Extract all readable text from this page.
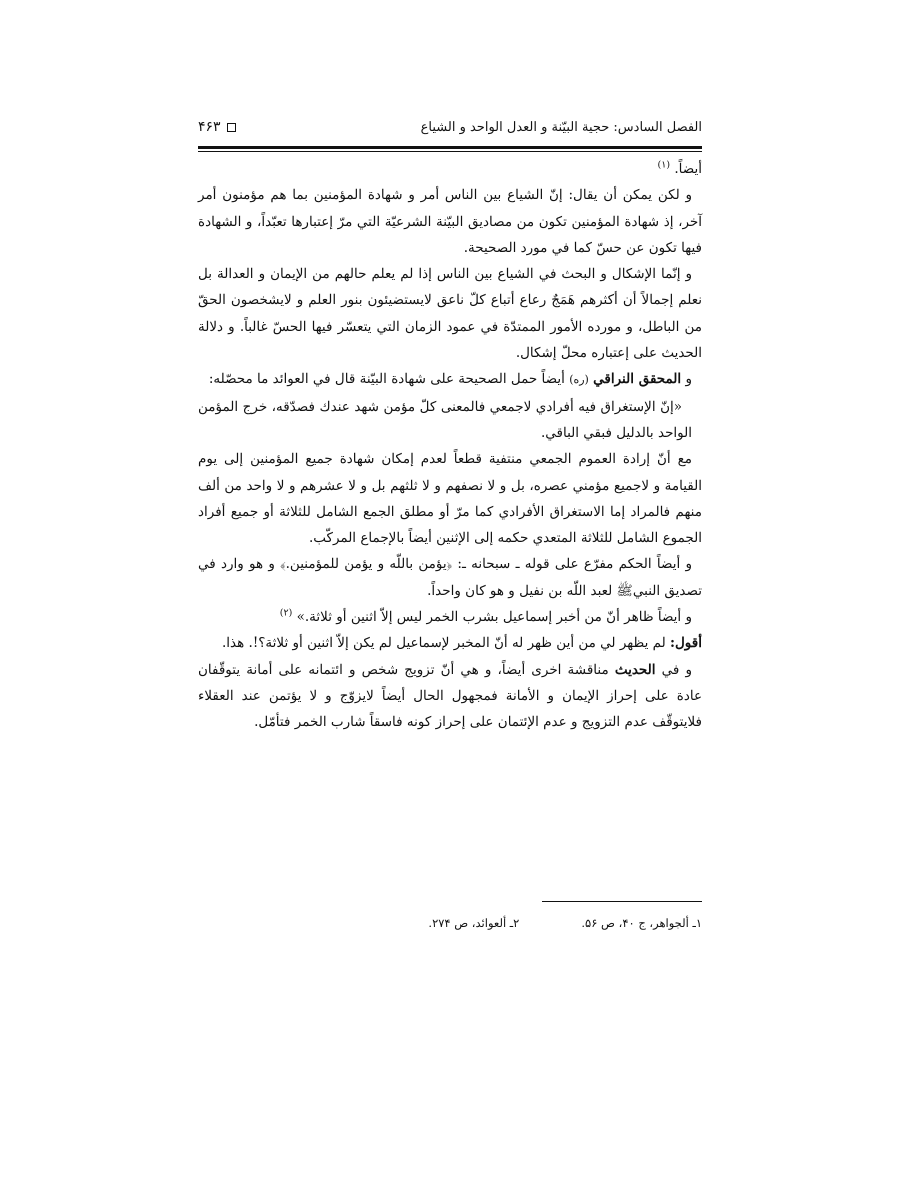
الفصل السادس: حجية البيّنة و العدل الواحد و الشياع
۴۶۳

أيضاً. $^{(۱)}$

و لكن يمكن أن يقال: إنّ الشياع بين الناس أمر و شهادة المؤمنين بما هم مؤمنون أمر آخر، إذ شهادة المؤمنين تكون من مصاديق البيّنة الشرعيّة التي مرّ إعتبارها تعبّداً، و الشهادة فيها تكون عن حسّ كما في مورد الصحيحة.

و إنّما الإشكال و البحث في الشياع بين الناس إذا لم يعلم حالهم من الإيمان و العدالة بل نعلم إجمالاً أن أكثرهم هَمَجٌ رعاع أتباع كلّ ناعق لايستضيئون بنور العلم و لايشخصون الحقّ من الباطل، و مورده الأمور الممتدّة في عمود الزمان التي يتعسّر فيها الحسّ غالباً. و دلالة الحديث على إعتباره محلّ إشكال.

و المحقق النراقي (ره) أيضاً حمل الصحيحة على شهادة البيّنة قال في العوائد ما محصّله:

«إنّ الإستغراق فيه أفرادي لاجمعي فالمعنى كلّ مؤمن شهد عندك فصدّقه، خرج المؤمن الواحد بالدليل فبقي الباقي.

مع أنّ إرادة العموم الجمعي منتفية قطعاً لعدم إمكان شهادة جميع المؤمنين إلى يوم القيامة و لاجميع مؤمني عصره، بل و لا نصفهم و لا ثلثهم بل و لا عشرهم و لا واحد من ألف منهم فالمراد إما الاستغراق الأفرادي كما مرّ أو مطلق الجمع الشامل للثلاثة أو جميع أفراد الجموع الشامل للثلاثة المتعدي حكمه إلى الإثنين أيضاً بالإجماع المركّب.

و أيضاً الحكم مفرّع على قوله ـ سبحانه ـ: ﴿يؤمن باللّه و يؤمن للمؤمنين.﴾ و هو وارد في تصديق النبيﷺ لعبد اللّه بن نفيل و هو كان واحداً.

و أيضاً ظاهر أنّ من أخبر إسماعيل بشرب الخمر ليس إلاّ اثنين أو ثلاثة.» $^{(۲)}$

أقول: لم يظهر لي من أين ظهر له أنّ المخبر لإسماعيل لم يكن إلاّ اثنين أو ثلاثة؟!. هذا.

و في الحديث مناقشة اخرى أيضاً، و هي أنّ تزويج شخص و ائتمانه على أمانة يتوقّفان عادة على إحراز الإيمان و الأمانة فمجهول الحال أيضاً لايزوّج و لا يؤتمن عند العقلاء فلايتوقّف عدم التزويج و عدم الإئتمان على إحراز كونه فاسقاً شارب الخمر فتأمّل.

۱ـ ألجواهر، ج ۴۰، ص ۵۶.
۲ـ ألعوائد، ص ۲۷۴.
